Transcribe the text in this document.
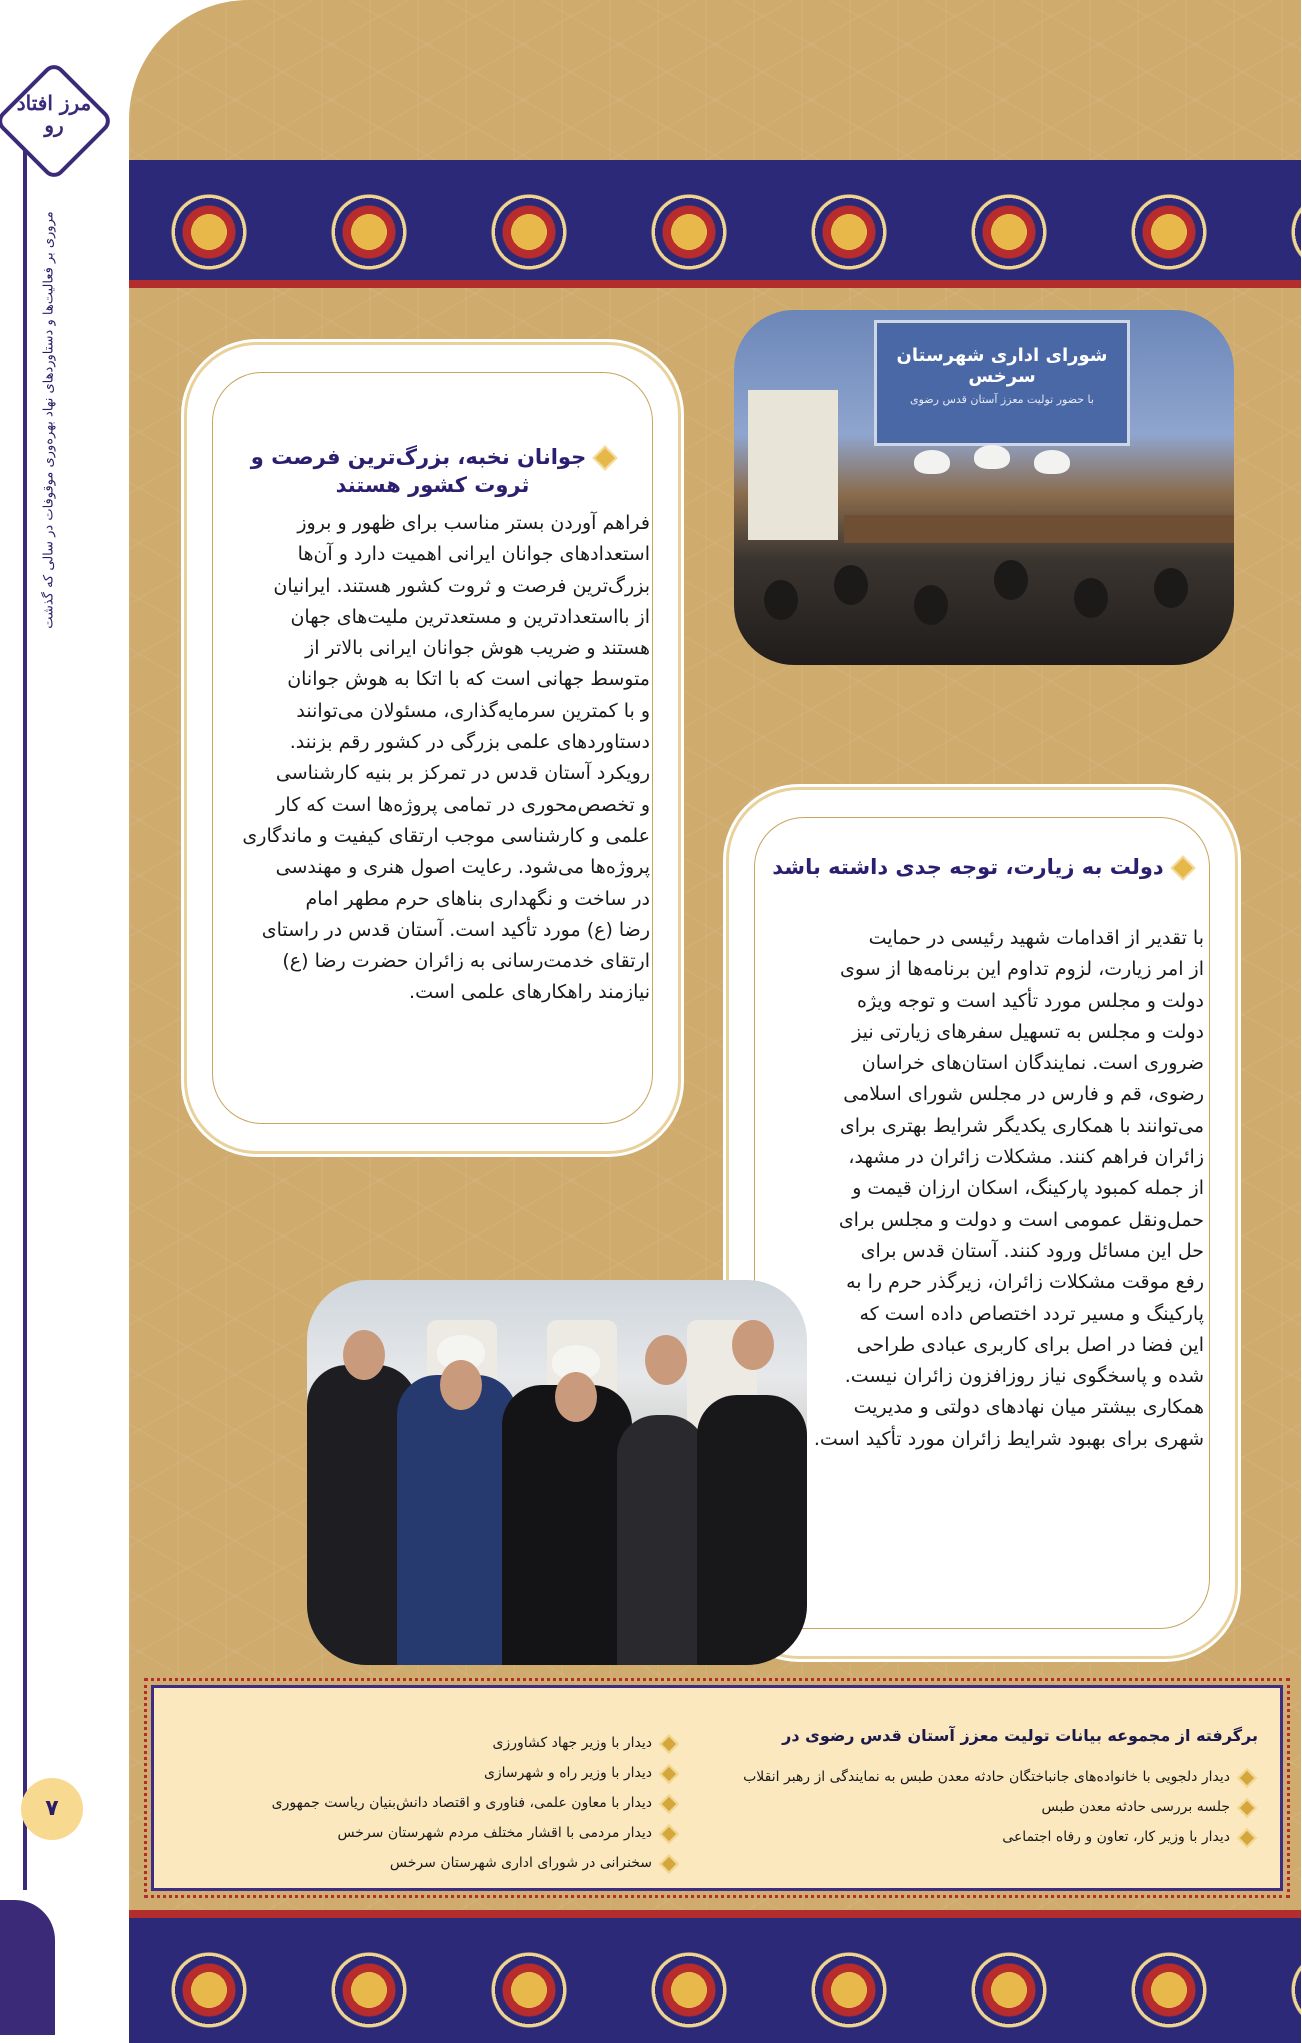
مرز افتاد رو
مروری بر فعالیت‌ها و دستاوردهای نهاد بهره‌وری موقوفات در سالی که گذشت
۷
شورای اداری شهرستان سرخس
با حضور تولیت معزز آستان قدس رضوی
جوانان نخبه، بزرگ‌ترین فرصت و ثروت کشور هستند
فراهم آوردن بستر مناسب برای ظهور و بروز
استعدادهای جوانان ایرانی اهمیت دارد و آن‌ها
بزرگ‌ترین فرصت و ثروت کشور هستند. ایرانیان
از بااستعدادترین و مستعدترین ملیت‌های جهان
هستند و ضریب هوش جوانان ایرانی بالاتر از
متوسط جهانی است که با اتکا به هوش جوانان
و با کمترین سرمایه‌گذاری، مسئولان می‌توانند
دستاوردهای علمی بزرگی در کشور رقم بزنند.
رویکرد آستان قدس در تمرکز بر بنیه کارشناسی
و تخصص‌محوری در تمامی پروژه‌ها است که کار
علمی و کارشناسی موجب ارتقای کیفیت و ماندگاری
پروژه‌ها می‌شود. رعایت اصول هنری و مهندسی
در ساخت و نگهداری بناهای حرم مطهر امام
رضا (ع) مورد تأکید است. آستان قدس در راستای
ارتقای خدمت‌رسانی به زائران حضرت رضا (ع)
نیازمند راهکارهای علمی است.
دولت به زیارت، توجه جدی داشته باشد
با تقدیر از اقدامات شهید رئیسی در حمایت
از امر زیارت، لزوم تداوم این برنامه‌ها از سوی
دولت و مجلس مورد تأکید است و توجه ویژه
دولت و مجلس به تسهیل سفرهای زیارتی نیز
ضروری است. نمایندگان استان‌های خراسان
رضوی، قم و فارس در مجلس شورای اسلامی
می‌توانند با همکاری یکدیگر شرایط بهتری برای
زائران فراهم کنند. مشکلات زائران در مشهد،
از جمله کمبود پارکینگ، اسکان ارزان قیمت و
حمل‌ونقل عمومی است و دولت و مجلس برای
حل این مسائل ورود کنند. آستان قدس برای
رفع موقت مشکلات زائران، زیرگذر حرم را به
پارکینگ و مسیر تردد اختصاص داده است که
این فضا در اصل برای کاربری عبادی طراحی
شده و پاسخگوی نیاز روزافزون زائران نیست.
همکاری بیشتر میان نهادهای دولتی و مدیریت
شهری برای بهبود شرایط زائران مورد تأکید است.
برگرفته از مجموعه بیانات تولیت معزز آستان قدس رضوی در
دیدار دلجویی با خانواده‌های جانباختگان حادثه معدن طبس به نمایندگی از رهبر انقلاب
جلسه بررسی حادثه معدن طبس
دیدار با وزیر کار، تعاون و رفاه اجتماعی
دیدار با وزیر جهاد کشاورزی
دیدار با وزیر راه و شهرسازی
دیدار با معاون علمی، فناوری و اقتصاد دانش‌بنیان ریاست جمهوری
دیدار مردمی با اقشار مختلف مردم شهرستان سرخس
سخنرانی در شورای اداری شهرستان سرخس
